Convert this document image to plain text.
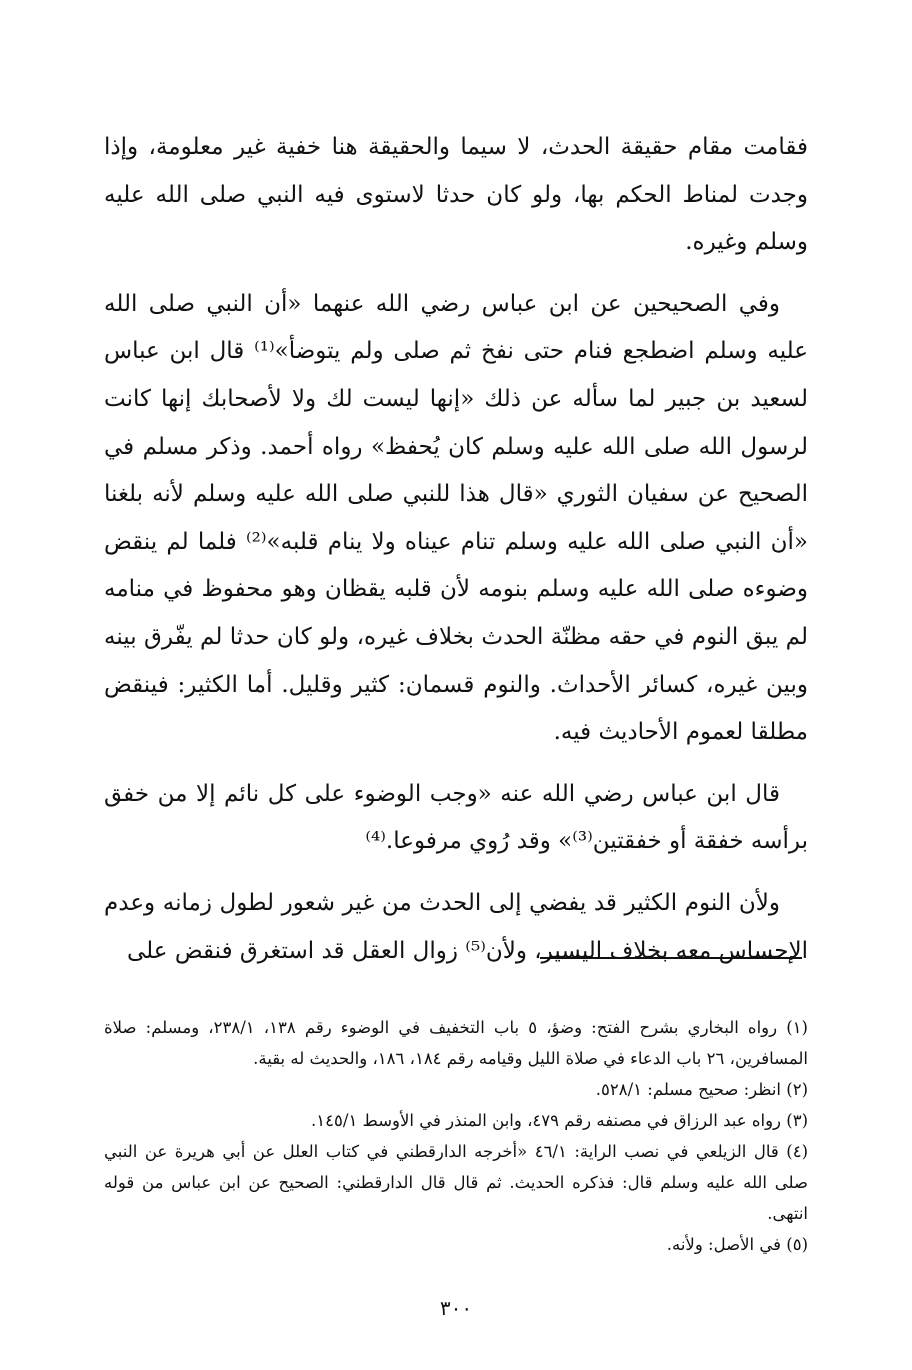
فقامت مقام حقيقة الحدث، لا سيما والحقيقة هنا خفية غير معلومة، وإذا وجدت لمناط الحكم بها، ولو كان حدثا لاستوى فيه النبي صلى الله عليه وسلم وغيره.

وفي الصحيحين عن ابن عباس رضي الله عنهما «أن النبي صلى الله عليه وسلم اضطجع فنام حتى نفخ ثم صلى ولم يتوضأ»⁽¹⁾ قال ابن عباس لسعيد بن جبير لما سأله عن ذلك «إنها ليست لك ولا لأصحابك إنها كانت لرسول الله صلى الله عليه وسلم كان يُحفظ» رواه أحمد. وذكر مسلم في الصحيح عن سفيان الثوري «قال هذا للنبي صلى الله عليه وسلم لأنه بلغنا «أن النبي صلى الله عليه وسلم تنام عيناه ولا ينام قلبه»⁽²⁾ فلما لم ينقض وضوءه صلى الله عليه وسلم بنومه لأن قلبه يقظان وهو محفوظ في منامه لم يبق النوم في حقه مظنّة الحدث بخلاف غيره، ولو كان حدثا لم يفّرق بينه وبين غيره، كسائر الأحداث. والنوم قسمان: كثير وقليل. أما الكثير: فينقض مطلقا لعموم الأحاديث فيه.

قال ابن عباس رضي الله عنه «وجب الوضوء على كل نائم إلا من خفق برأسه خفقة أو خفقتين⁽³⁾» وقد رُوي مرفوعا.⁽⁴⁾

ولأن النوم الكثير قد يفضي إلى الحدث من غير شعور لطول زمانه وعدم الإحساس معه بخلاف اليسير، ولأن⁽⁵⁾ زوال العقل قد استغرق فنقض على

(١) رواه البخاري بشرح الفتح: وضؤ، ٥ باب التخفيف في الوضوء رقم ١٣٨، ٢٣٨/١، ومسلم: صلاة المسافرين، ٢٦ باب الدعاء في صلاة الليل وقيامه رقم ١٨٤، ١٨٦، والحديث له بقية.

(٢) انظر: صحيح مسلم: ٥٢٨/١.

(٣) رواه عبد الرزاق في مصنفه رقم ٤٧٩، وابن المنذر في الأوسط ١٤٥/١.

(٤) قال الزيلعي في نصب الراية: ٤٦/١ «أخرجه الدارقطني في كتاب العلل عن أبي هريرة عن النبي صلى الله عليه وسلم قال: فذكره الحديث. ثم قال قال الدارقطني: الصحيح عن ابن عباس من قوله انتهى.

(٥) في الأصل: ولأنه.

٣٠٠
